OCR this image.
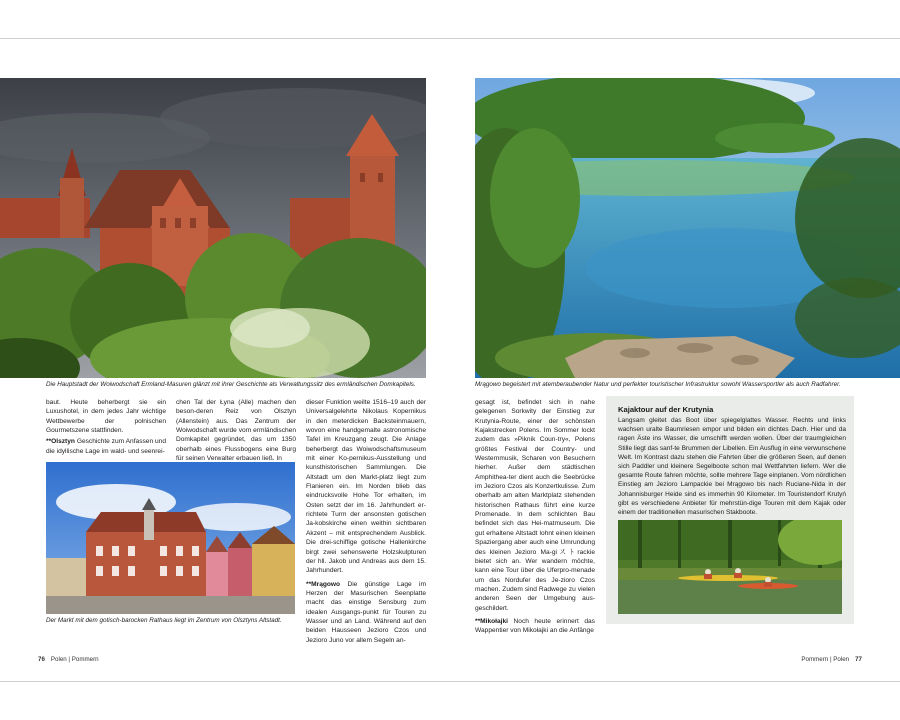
Die Hauptstadt der Woiwodschaft Ermland-Masuren glänzt mit ihrer Geschichte als Verwaltungssitz des ermländischen Domkapitels.

baut. Heute beherbergt sie ein Luxushotel, in dem jedes Jahr wichtige Wettbewerbe der polnischen Gourmetszene stattfinden.

**Olsztyn Geschichte zum Anfassen und die idyllische Lage im wald- und seenrei-

Der Markt mit dem gotisch-barocken Rathaus liegt im Zentrum von Olsztyns Altstadt.

chen Tal der Łyna (Alle) machen den beson-deren Reiz von Olsztyn (Allenstein) aus. Das Zentrum der Woiwodschaft wurde vom ermländischen Domkapitel gegründet, das um 1350 oberhalb eines Flussbogens eine Burg für seinen Verwalter erbauen ließ. In

dieser Funktion weilte 1516–19 auch der Universalgelehrte Nikolaus Kopernikus in den meterdicken Backsteinmauern, wovon eine handgemalte astronomische Tafel im Kreuzgang zeugt. Die Anlage beherbergt das Woiwodschaftsmuseum mit einer Ko-pernikus-Ausstellung und kunsthistorischen Sammlungen. Die Altstadt um den Markt-platz liegt zum Flanieren ein. Im Norden blieb das eindrucksvolle Hohe Tor erhalten, im Osten setzt der im 16. Jahrhundert er-richtete Turm der ansonsten gotischen Ja-kobskirche einen weithin sichtbaren Akzent – mit entsprechendem Ausblick. Die drei-schiffige gotische Hallenkirche birgt zwei sehenswerte Holzskulpturen der hll. Jakob und Andreas aus dem 15. Jahrhundert.

**Mrągowo Die günstige Lage im Herzen der Masurischen Seenplatte macht das einstige Sensburg zum idealen Ausgangs-punkt für Touren zu Wasser und an Land. Während auf den beiden Hausseen Jezioro Czos und Jezioro Juno vor allem Segeln an-

76 Polen | Pommern
Mrągowo begeistert mit atemberaubender Natur und perfekter touristischer Infrastruktur sowohl Wassersportler als auch Radfahrer.

gesagt ist, befindet sich in nahe gelegenen Sorkwity der Einstieg zur Krutynia-Route, einer der schönsten Kajakstrecken Polens. Im Sommer lockt zudem das »Piknik Coun-try«, Polens größtes Festival der Country- und Westernmusik, Scharen von Besuchern hierher. Außer dem städtischen Amphithea-ter dient auch die Seebrücke im Jezioro Czos als Konzertkulisse. Zum oberhalb am alten Marktplatz stehenden historischen Rathaus führt eine kurze Promenade. In dem schlichten Bau befindet sich das Hei-matmuseum. Die gut erhaltene Altstadt lohnt einen kleinen Spaziergang aber auch eine Umrundung des kleinen Jezioro Ma-giストrackie bietet sich an. Wer wandern möchte, kann eine Tour über die Uferpro-menade um das Nordufer des Je-zioro Czos machen. Zudem sind Radwege zu vielen anderen Seen der Umgebung aus-geschildert.

**Mikołajki Noch heute erinnert das Wappentier von Mikołajki an die Anfänge

Kajaktour auf der Krutynia
Langsam gleitet das Boot über spiegelglattes Wasser. Rechts und links wachsen uralte Baumriesen empor und bilden ein dichtes Dach. Hier und da ragen Äste ins Wasser, die umschifft werden wollen. Über der traumgleichen Stille liegt das sanf-te Brummen der Libellen. Ein Ausflug in eine verwunschene Welt. Im Kontrast dazu stehen die Fahrten über die größeren Seen, auf denen sich Paddler und kleinere Segelboote schon mal Wettfahrten liefern. Wer die gesamte Route fahren möchte, sollte mehrere Tage einplanen. Vom nördlichen Einstieg am Jezioro Lampackie bei Mrągowo bis nach Ruciane-Nida in der Johannisburger Heide sind es immerhin 90 Kilometer. Im Touristendorf Krutyń gibt es verschiedene Anbieter für mehrstün-dige Touren mit dem Kajak oder einem der traditionellen masurischen Stakboote.
Pommern | Polen 77
